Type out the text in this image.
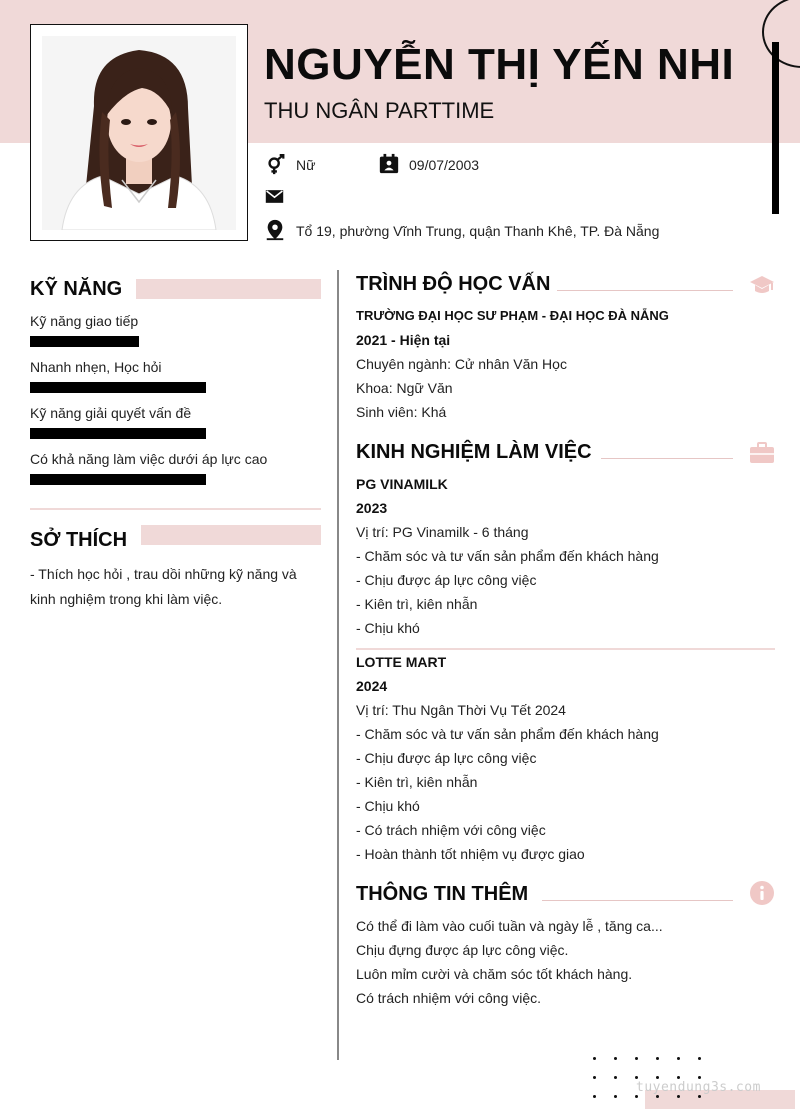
NGUYỄN THỊ YẾN NHI
THU NGÂN PARTTIME
Nữ	09/07/2003
Tổ 19, phường Vĩnh Trung, quận Thanh Khê, TP. Đà Nẵng
KỸ NĂNG
Kỹ năng giao tiếp
Nhanh nhẹn, Học hỏi
Kỹ năng giải quyết vấn đề
Có khả năng làm việc dưới áp lực cao
SỞ THÍCH
- Thích học hỏi , trau dồi những kỹ năng và kinh nghiệm trong khi làm việc.
TRÌNH ĐỘ HỌC VẤN
TRƯỜNG ĐẠI HỌC SƯ PHẠM - ĐẠI HỌC ĐÀ NẴNG
2021 - Hiện tại
Chuyên ngành: Cử nhân Văn Học
Khoa: Ngữ Văn
Sinh viên: Khá
KINH NGHIỆM LÀM VIỆC
PG VINAMILK
2023
Vị trí: PG Vinamilk - 6 tháng
- Chăm sóc và tư vấn sản phẩm đến khách hàng
- Chịu được áp lực công việc
- Kiên trì, kiên nhẫn
- Chịu khó
LOTTE MART
2024
Vị trí: Thu Ngân Thời Vụ Tết 2024
- Chăm sóc và tư vấn sản phẩm đến khách hàng
- Chịu được áp lực công việc
- Kiên trì, kiên nhẫn
- Chịu khó
- Có trách nhiệm với công việc
- Hoàn thành tốt nhiệm vụ được giao
THÔNG TIN THÊM
Có thể đi làm vào cuối tuần và ngày lễ , tăng ca...
Chịu đựng được áp lực công việc.
Luôn mỉm cười và chăm sóc tốt khách hàng.
Có trách nhiệm với công việc.
tuyendung3s.com
